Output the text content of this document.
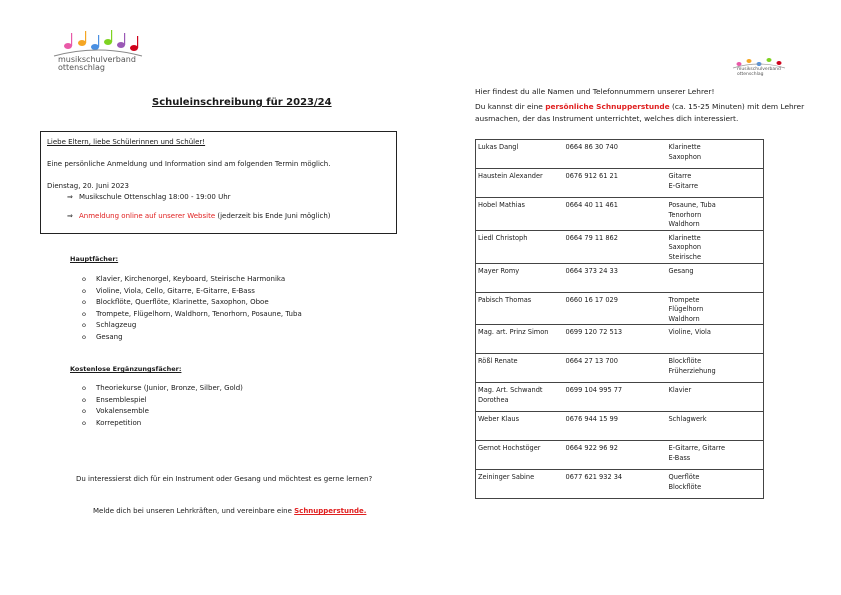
musikschulverband
ottenschlag	musikschulverband
ottenschlag
Schuleinschreibung für 2023/24

Liebe Eltern, liebe Schülerinnen und Schüler!

Eine persönliche Anmeldung und Information sind am folgenden Termin möglich.

Dienstag, 20. Juni 2023

⇒ Musikschule Ottenschlag 18:00 - 19:00 Uhr

⇒ Anmeldung online auf unserer Website (jederzeit bis Ende Juni möglich)

Hauptfächer:
o Klavier, Kirchenorgel, Keyboard, Steirische Harmonika
o Violine, Viola, Cello, Gitarre, E-Gitarre, E-Bass
o Blockflöte, Querflöte, Klarinette, Saxophon, Oboe
o Trompete, Flügelhorn, Waldhorn, Tenorhorn, Posaune, Tuba
o Schlagzeug
o Gesang
Kostenlose Ergänzungsfächer:
o Theoriekurse (Junior, Bronze, Silber, Gold)
o Ensemblespiel
o Vokalensemble
o Korrepetition
Du interessierst dich für ein Instrument oder Gesang und möchtest es gerne lernen?
Melde dich bei unseren Lehrkräften, und vereinbare eine Schnupperstunde.
Hier findest du alle Namen und Telefonnummern unserer Lehrer!
Du kannst dir eine persönliche Schnupperstunde (ca. 15-25 Minuten) mit dem Lehrer
ausmachen, der das Instrument unterrichtet, welches dich interessiert.
Lukas Dangl	0664 86 30 740	Klarinette
Saxophon
Haustein Alexander	0676 912 61 21	Gitarre
E-Gitarre
Hobel Mathias	0664 40 11 461	Posaune, Tuba
Tenorhorn
Waldhorn
Liedl Christoph	0664 79 11 862	Klarinette
Saxophon
Steirische
Mayer Romy	0664 373 24 33	Gesang
Pabisch Thomas	0660 16 17 029	Trompete
Flügelhorn
Waldhorn
Mag. art. Prinz Simon	0699 120 72 513	Violine, Viola
Rößl Renate	0664 27 13 700	Blockflöte
Früherziehung
Mag. Art. Schwandt
Dorothea	0699 104 995 77	Klavier
Weber Klaus	0676 944 15 99	Schlagwerk
Gernot Hochstöger	0664 922 96 92	E-Gitarre, Gitarre
E-Bass
Zeininger Sabine	0677 621 932 34	Querflöte
Blockflöte
